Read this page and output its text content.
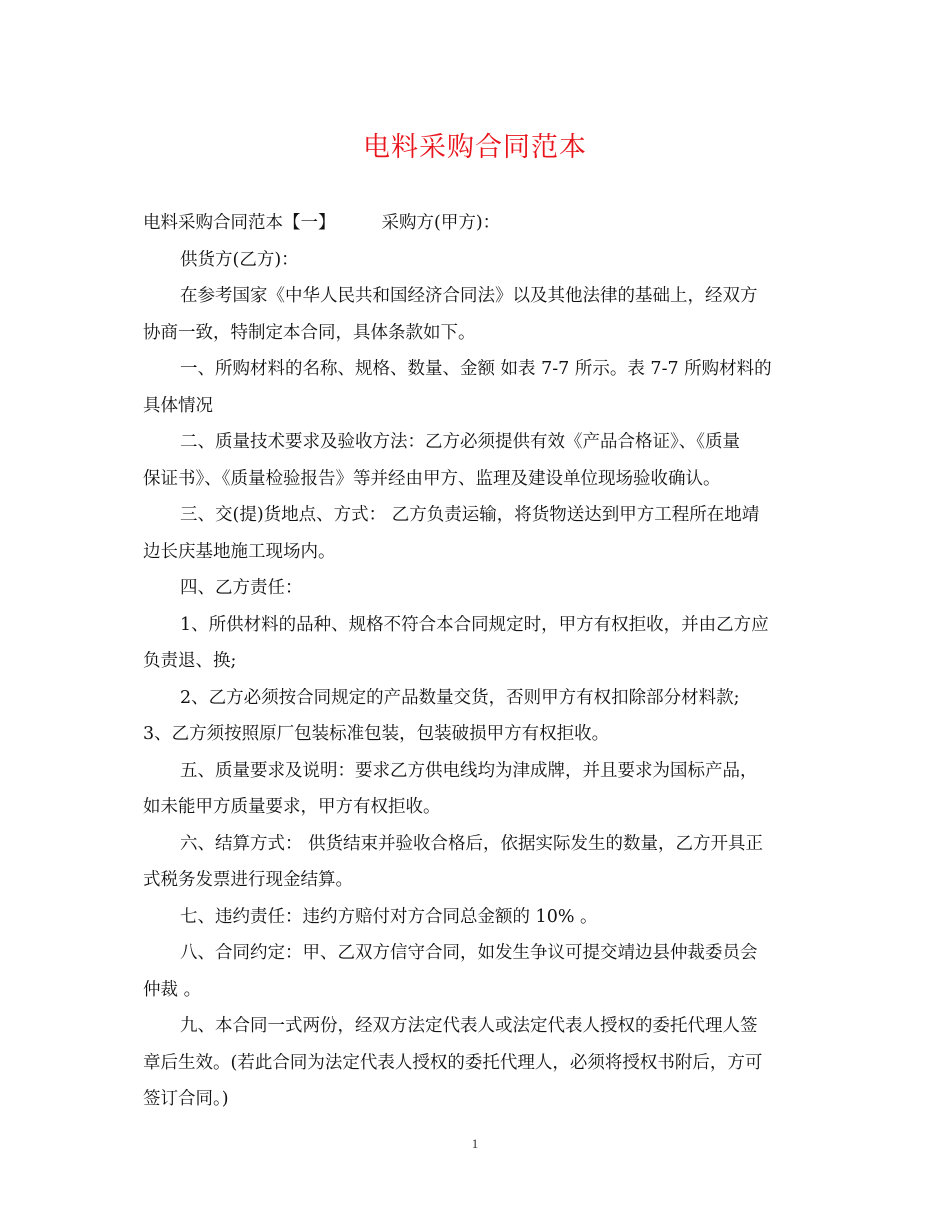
电料采购合同范本
电料采购合同范本【一】	采购方(甲方)：
供货方(乙方)：
在参考国家《中华人民共和国经济合同法》以及其他法律的基础上，经双方
协商一致，特制定本合同，具体条款如下。
一、所购材料的名称、规格、数量、金额 如表 7-7 所示。表 7-7 所购材料的
具体情况
二、质量技术要求及验收方法：乙方必须提供有效《产品合格证》、《质量
保证书》、《质量检验报告》等并经由甲方、监理及建设单位现场验收确认。
三、交(提)货地点、方式： 乙方负责运输，将货物送达到甲方工程所在地靖
边长庆基地施工现场内。
四、乙方责任：
1、所供材料的品种、规格不符合本合同规定时，甲方有权拒收，并由乙方应
负责退、换;
2、乙方必须按合同规定的产品数量交货，否则甲方有权扣除部分材料款;
3、乙方须按照原厂包装标准包装，包装破损甲方有权拒收。
五、质量要求及说明：要求乙方供电线均为津成牌，并且要求为国标产品，
如未能甲方质量要求，甲方有权拒收。
六、结算方式： 供货结束并验收合格后，依据实际发生的数量，乙方开具正
式税务发票进行现金结算。
七、违约责任：违约方赔付对方合同总金额的 10% 。
八、合同约定：甲、乙双方信守合同，如发生争议可提交靖边县仲裁委员会
仲裁 。
九、本合同一式两份，经双方法定代表人或法定代表人授权的委托代理人签
章后生效。(若此合同为法定代表人授权的委托代理人，必须将授权书附后，方可
签订合同。)
1
